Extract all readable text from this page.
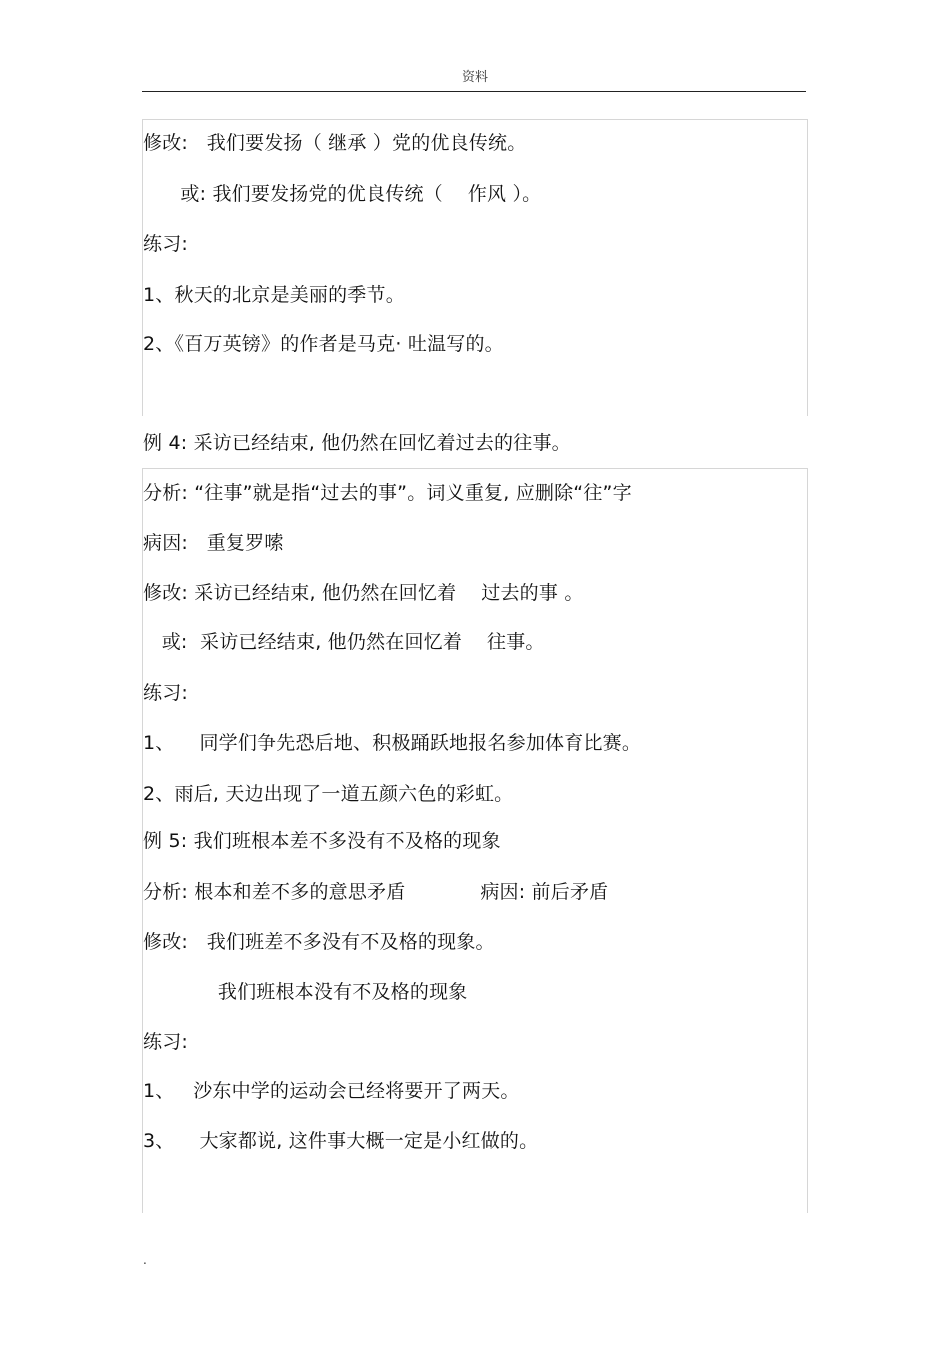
资料
修改:   我们要发扬（ 继承 ）党的优良传统。
或: 我们要发扬党的优良传统（    作风 ）。
练习:
1、秋天的北京是美丽的季节。
2、《百万英镑》的作者是马克· 吐温写的。
例 4: 采访已经结束, 他仍然在回忆着过去的往事。
分析: “往事”就是指“过去的事”。词义重复, 应删除“往”字
病因:   重复罗嗦
修改: 采访已经结束, 他仍然在回忆着    过去的事 。
或:  采访已经结束, 他仍然在回忆着    往事。
练习:
1、    同学们争先恐后地、积极踊跃地报名参加体育比赛。
2、雨后, 天边出现了一道五颜六色的彩虹。
例 5: 我们班根本差不多没有不及格的现象
分析: 根本和差不多的意思矛盾            病因: 前后矛盾
修改:   我们班差不多没有不及格的现象。
我们班根本没有不及格的现象
练习:
1、   沙东中学的运动会已经将要开了两天。
3、    大家都说, 这件事大概一定是小红做的。
.
